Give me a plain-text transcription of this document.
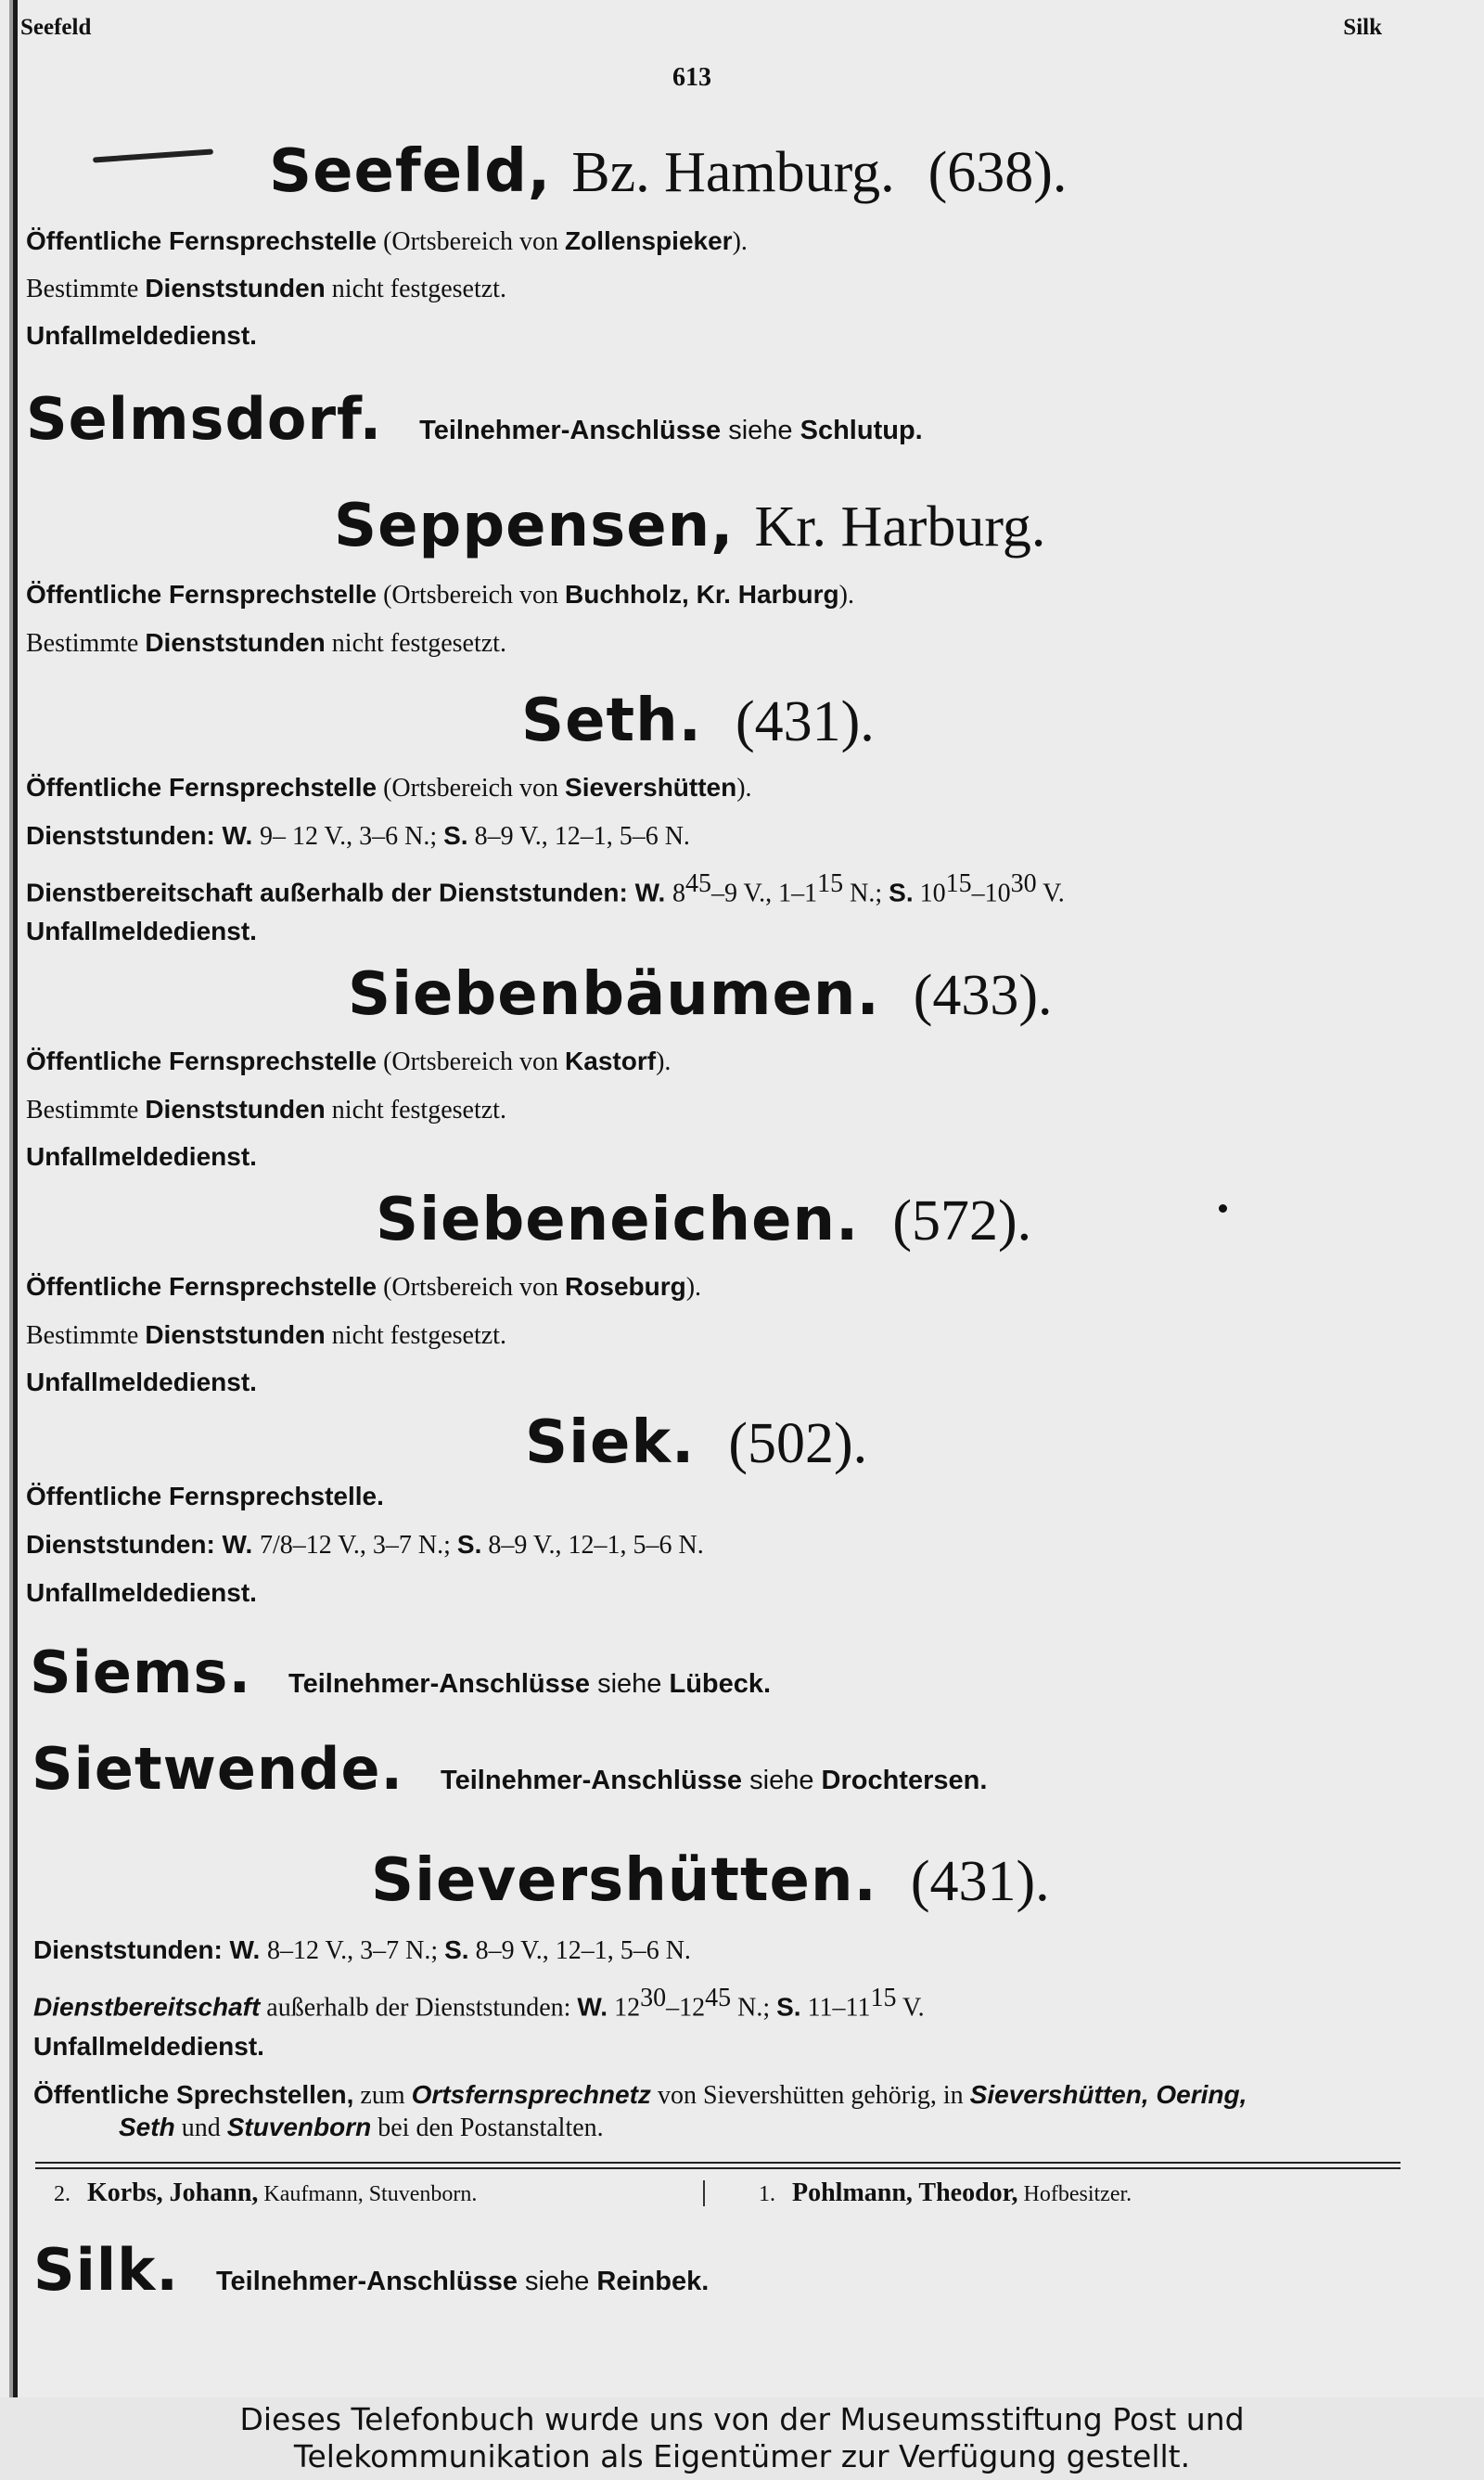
Seefeld	Silk
613
Seefeld, Bz. Hamburg. (638).
Öffentliche Fernsprechstelle (Ortsbereich von Zollenspieker).
Bestimmte Dienststunden nicht festgesetzt.
Unfallmeldedienst.
Selmsdorf. Teilnehmer-Anschlüsse siehe Schlutup.
Seppensen, Kr. Harburg.
Öffentliche Fernsprechstelle (Ortsbereich von Buchholz, Kr. Harburg).
Bestimmte Dienststunden nicht festgesetzt.
Seth. (431).
Öffentliche Fernsprechstelle (Ortsbereich von Sievershütten).
Dienststunden: W. 9– 12 V., 3–6 N.; S. 8–9 V., 12–1, 5–6 N.
Dienstbereitschaft außerhalb der Dienststunden: W. 845–9 V., 1–115 N.; S. 1015–1030 V.
Unfallmeldedienst.
Siebenbäumen. (433).
Öffentliche Fernsprechstelle (Ortsbereich von Kastorf).
Bestimmte Dienststunden nicht festgesetzt.
Unfallmeldedienst.
Siebeneichen. (572).
Öffentliche Fernsprechstelle (Ortsbereich von Roseburg).
Bestimmte Dienststunden nicht festgesetzt.
Unfallmeldedienst.
Siek. (502).
Öffentliche Fernsprechstelle.
Dienststunden: W. 7/8–12 V., 3–7 N.; S. 8–9 V., 12–1, 5–6 N.
Unfallmeldedienst.
Siems. Teilnehmer-Anschlüsse siehe Lübeck.
Sietwende. Teilnehmer-Anschlüsse siehe Drochtersen.
Sievershütten. (431).
Dienststunden: W. 8–12 V., 3–7 N.; S. 8–9 V., 12–1, 5–6 N.
Dienstbereitschaft außerhalb der Dienststunden: W. 1230–1245 N.; S. 11–1115 V.
Unfallmeldedienst.
Öffentliche Sprechstellen, zum Ortsfernsprechnetz von Sievershütten gehörig, in Sievershütten, Oering,
Seth und Stuvenborn bei den Postanstalten.
2. Korbs, Johann, Kaufmann, Stuvenborn.	1. Pohlmann, Theodor, Hofbesitzer.
Silk. Teilnehmer-Anschlüsse siehe Reinbek.
Dieses Telefonbuch wurde uns von der Museumsstiftung Post und
Telekommunikation als Eigentümer zur Verfügung gestellt.
